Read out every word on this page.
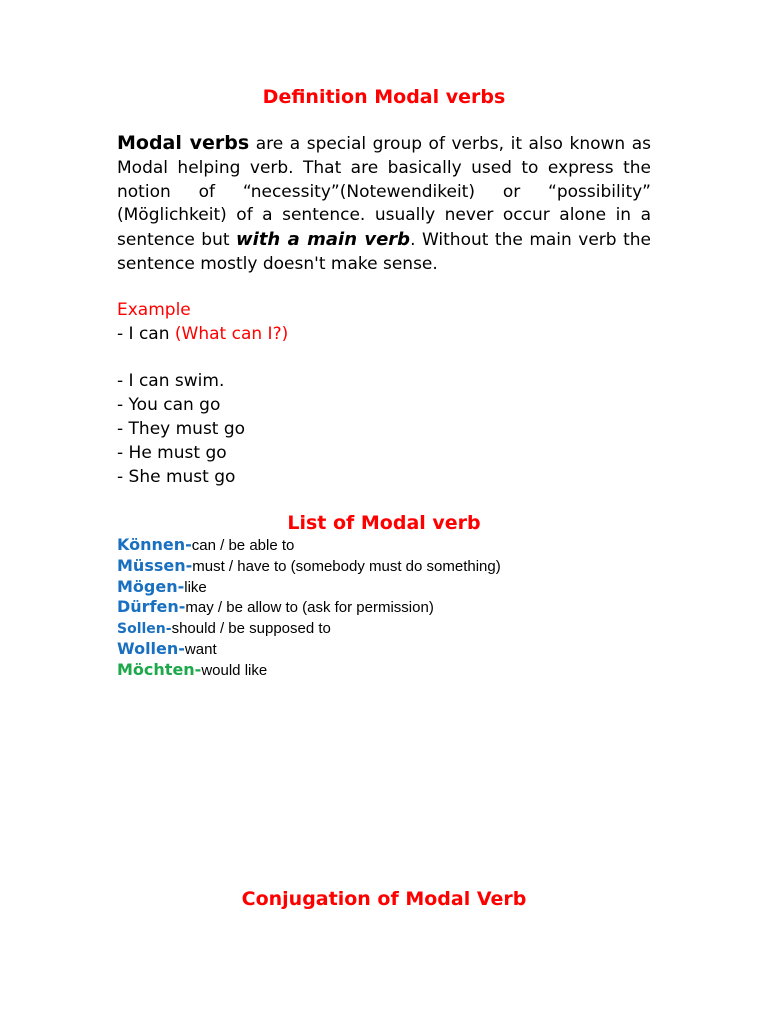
Definition Modal verbs

Modal verbs are a special group of verbs, it also known as Modal helping verb. That are basically used to express the notion of “necessity”(Notewendikeit) or “possibility” (Möglichkeit) of a sentence. usually never occur alone in a sentence but with a main verb. Without the main verb the sentence mostly doesn't make sense.

Example
- I can (What can I?)
- I can swim.
- You can go
- They must go
- He must go
- She must go
List of Modal verb
Können-can / be able to
Müssen-must / have to (somebody must do something)
Mögen-like
Dürfen-may / be allow to (ask for permission)
Sollen-should / be supposed to
Wollen-want
Möchten-would like
Conjugation of Modal Verb
